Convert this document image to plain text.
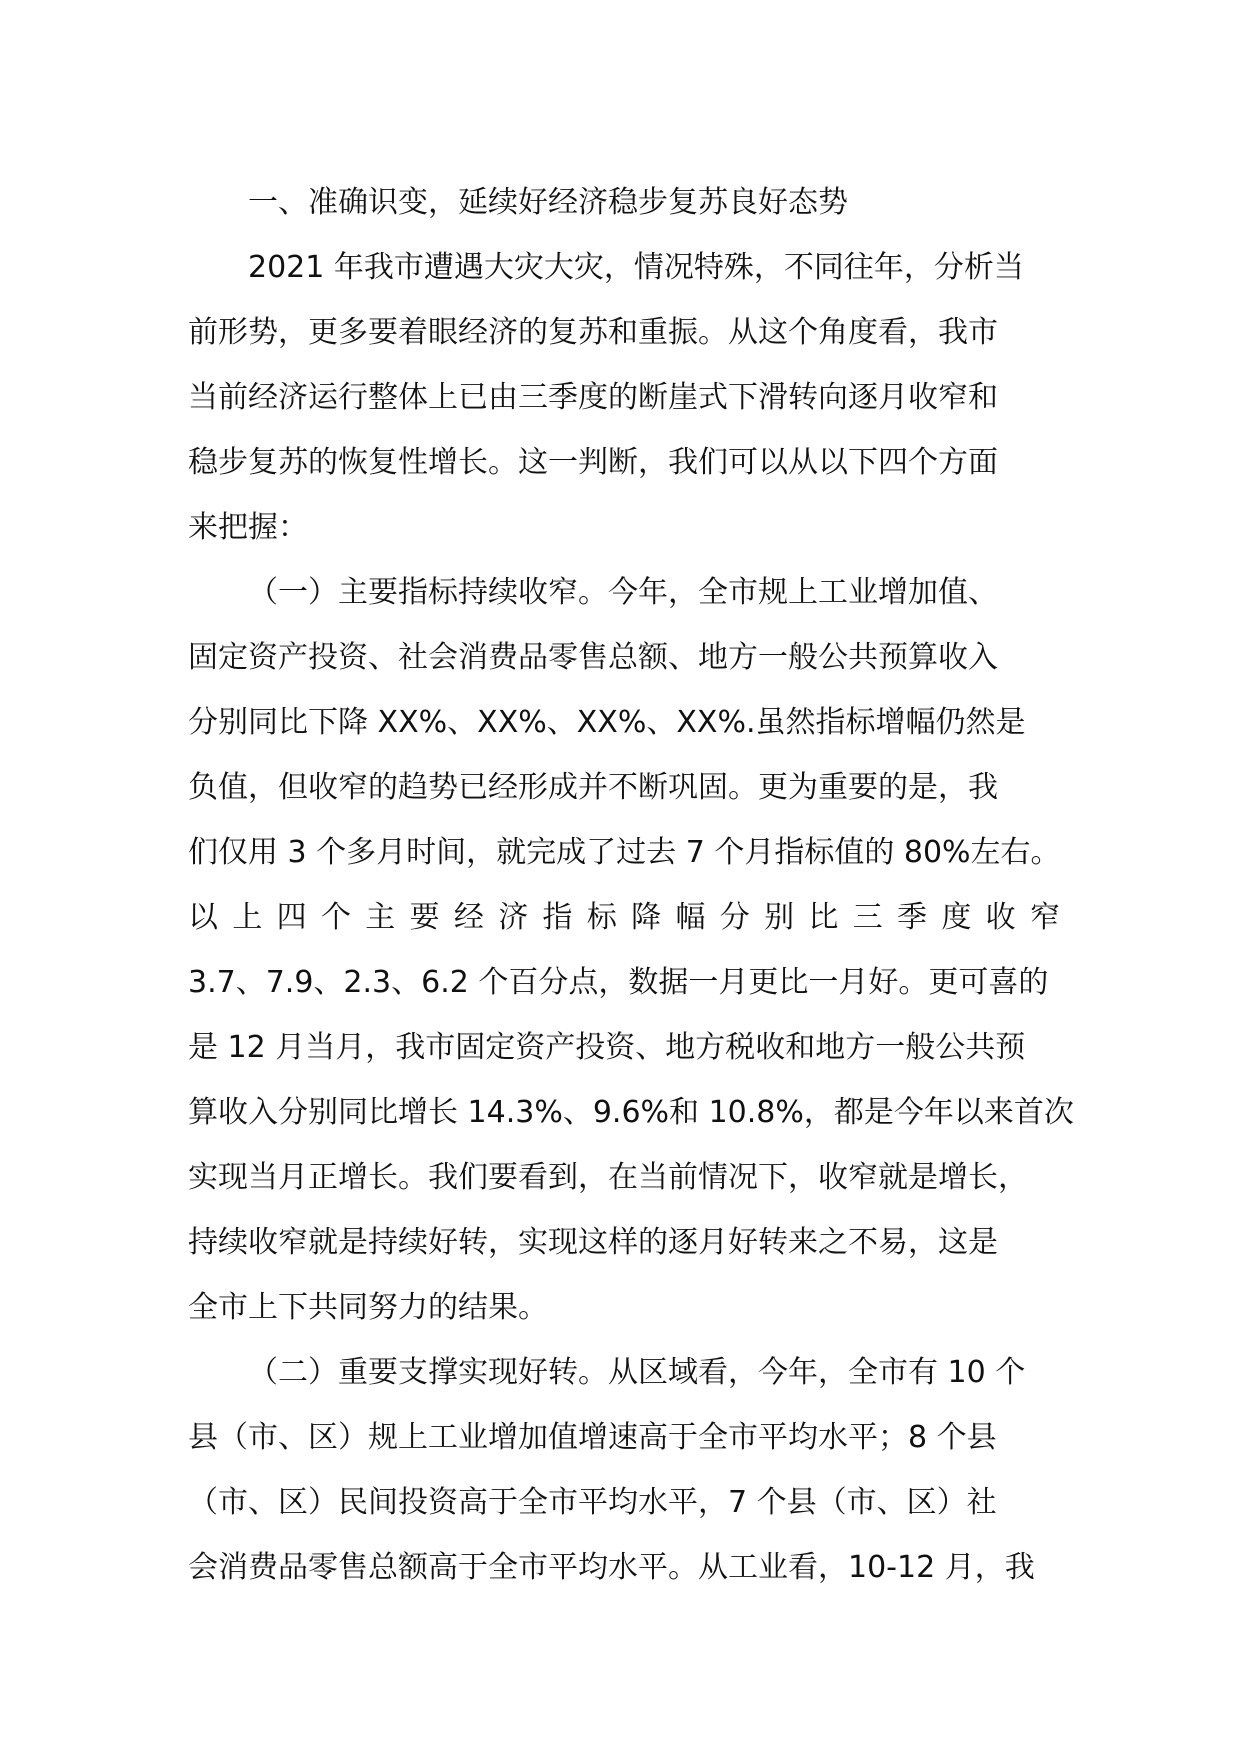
一、准确识变，延续好经济稳步复苏良好态势
2021 年我市遭遇大灾大灾，情况特殊，不同往年，分析当
前形势，更多要着眼经济的复苏和重振。从这个角度看，我市
当前经济运行整体上已由三季度的断崖式下滑转向逐月收窄和
稳步复苏的恢复性增长。这一判断，我们可以从以下四个方面
来把握：
（一）主要指标持续收窄。今年，全市规上工业增加值、
固定资产投资、社会消费品零售总额、地方一般公共预算收入
分别同比下降 XX%、XX%、XX%、XX%.虽然指标增幅仍然是
负值，但收窄的趋势已经形成并不断巩固。更为重要的是，我
们仅用 3 个多月时间，就完成了过去 7 个月指标值的 80%左右。
以上四个主要经济指标降幅分别比三季度收窄
3.7、7.9、2.3、6.2 个百分点，数据一月更比一月好。更可喜的
是 12 月当月，我市固定资产投资、地方税收和地方一般公共预
算收入分别同比增长 14.3%、9.6%和 10.8%，都是今年以来首次
实现当月正增长。我们要看到，在当前情况下，收窄就是增长，
持续收窄就是持续好转，实现这样的逐月好转来之不易，这是
全市上下共同努力的结果。
（二）重要支撑实现好转。从区域看，今年，全市有 10 个
县（市、区）规上工业增加值增速高于全市平均水平；8 个县
（市、区）民间投资高于全市平均水平，7 个县（市、区）社
会消费品零售总额高于全市平均水平。从工业看，10-12 月，我
